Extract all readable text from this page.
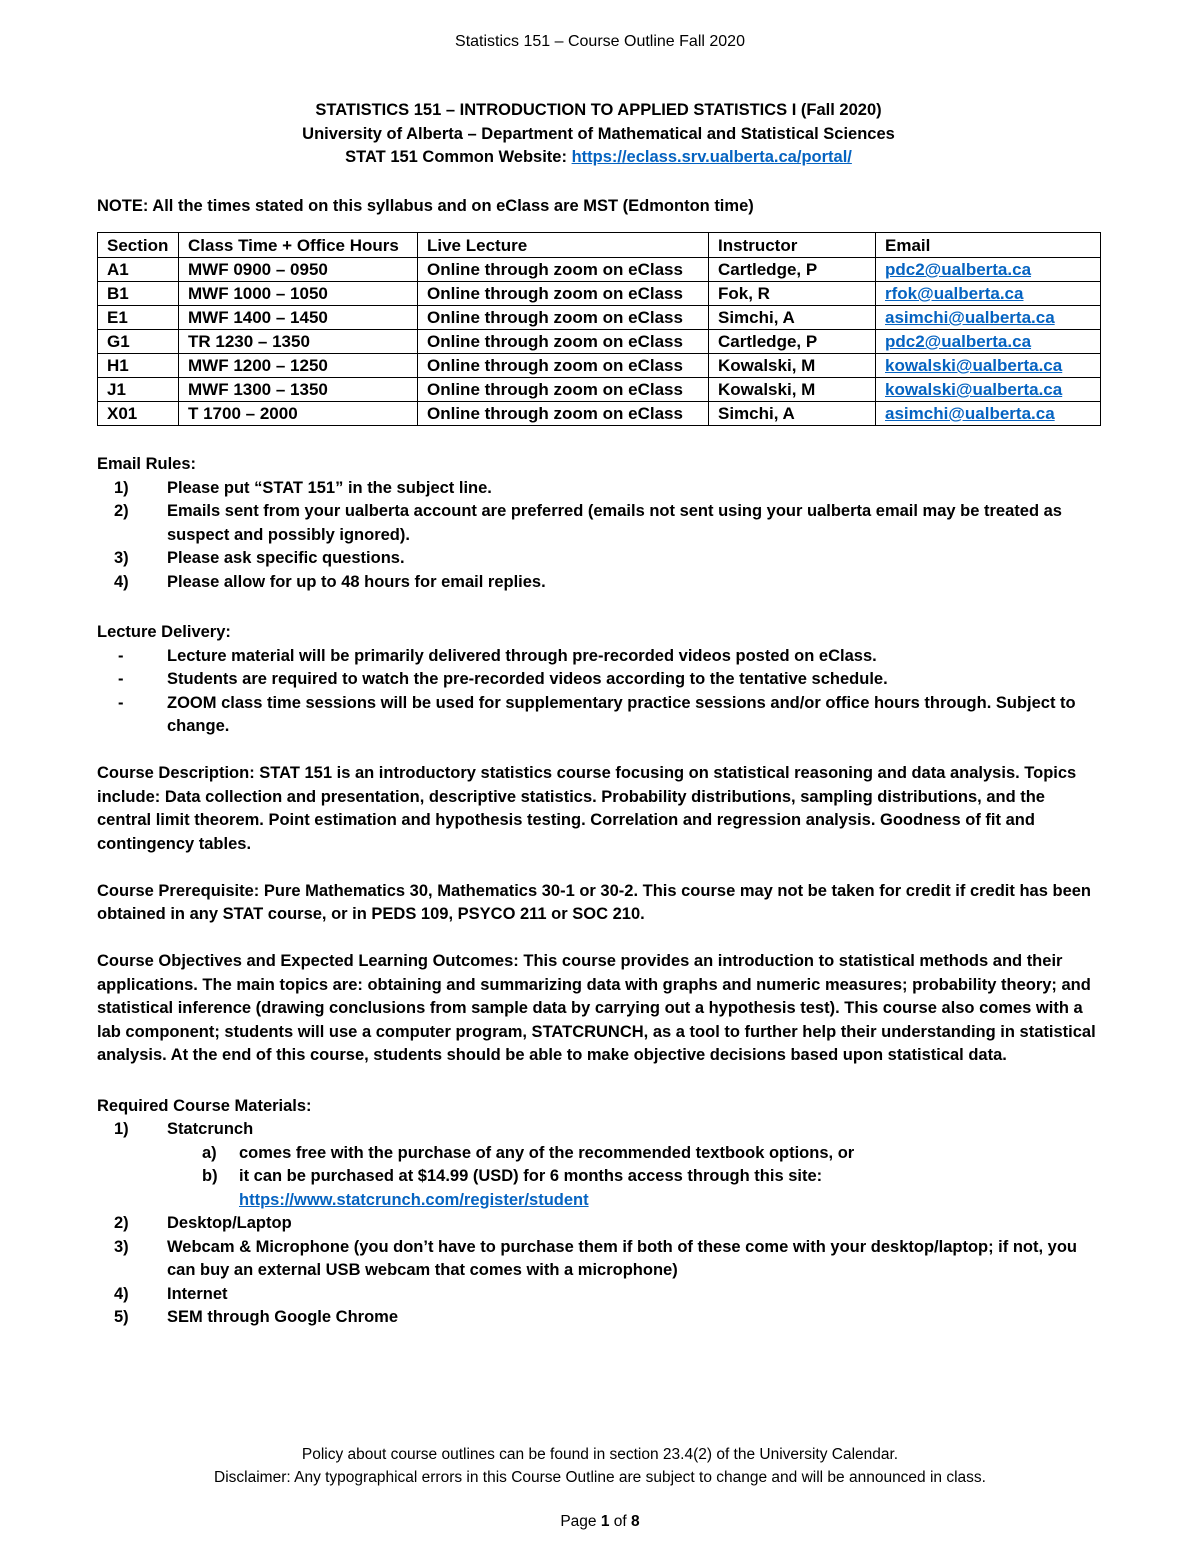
Statistics 151 – Course Outline Fall 2020
STATISTICS 151 – INTRODUCTION TO APPLIED STATISTICS I (Fall 2020)
University of Alberta – Department of Mathematical and Statistical Sciences
STAT 151 Common Website: https://eclass.srv.ualberta.ca/portal/
NOTE: All the times stated on this syllabus and on eClass are MST (Edmonton time)
Section	Class Time + Office Hours	Live Lecture	Instructor	Email
A1	MWF 0900 – 0950	Online through zoom on eClass	Cartledge, P	pdc2@ualberta.ca
B1	MWF 1000 – 1050	Online through zoom on eClass	Fok, R	rfok@ualberta.ca
E1	MWF 1400 – 1450	Online through zoom on eClass	Simchi, A	asimchi@ualberta.ca
G1	TR 1230 – 1350	Online through zoom on eClass	Cartledge, P	pdc2@ualberta.ca
H1	MWF 1200 – 1250	Online through zoom on eClass	Kowalski, M	kowalski@ualberta.ca
J1	MWF 1300 – 1350	Online through zoom on eClass	Kowalski, M	kowalski@ualberta.ca
X01	T 1700 – 2000	Online through zoom on eClass	Simchi, A	asimchi@ualberta.ca
Email Rules:
1) Please put “STAT 151” in the subject line.
2) Emails sent from your ualberta account are preferred (emails not sent using your ualberta email may be treated as suspect and possibly ignored).
3) Please ask specific questions.
4) Please allow for up to 48 hours for email replies.
Lecture Delivery:
-	Lecture material will be primarily delivered through pre-recorded videos posted on eClass.
-	Students are required to watch the pre-recorded videos according to the tentative schedule.
-	ZOOM class time sessions will be used for supplementary practice sessions and/or office hours through. Subject to change.
Course Description: STAT 151 is an introductory statistics course focusing on statistical reasoning and data analysis. Topics include: Data collection and presentation, descriptive statistics. Probability distributions, sampling distributions, and the central limit theorem. Point estimation and hypothesis testing. Correlation and regression analysis. Goodness of fit and contingency tables.
Course Prerequisite: Pure Mathematics 30, Mathematics 30-1 or 30-2. This course may not be taken for credit if credit has been obtained in any STAT course, or in PEDS 109, PSYCO 211 or SOC 210.
Course Objectives and Expected Learning Outcomes: This course provides an introduction to statistical methods and their applications. The main topics are: obtaining and summarizing data with graphs and numeric measures; probability theory; and statistical inference (drawing conclusions from sample data by carrying out a hypothesis test). This course also comes with a lab component; students will use a computer program, STATCRUNCH, as a tool to further help their understanding in statistical analysis. At the end of this course, students should be able to make objective decisions based upon statistical data.
Required Course Materials:
1) Statcrunch
a) comes free with the purchase of any of the recommended textbook options, or
b) it can be purchased at $14.99 (USD) for 6 months access through this site:
https://www.statcrunch.com/register/student
2) Desktop/Laptop
3) Webcam & Microphone (you don’t have to purchase them if both of these come with your desktop/laptop; if not, you can buy an external USB webcam that comes with a microphone)
4) Internet
5) SEM through Google Chrome
Policy about course outlines can be found in section 23.4(2) of the University Calendar.
Disclaimer: Any typographical errors in this Course Outline are subject to change and will be announced in class.
Page 1 of 8
